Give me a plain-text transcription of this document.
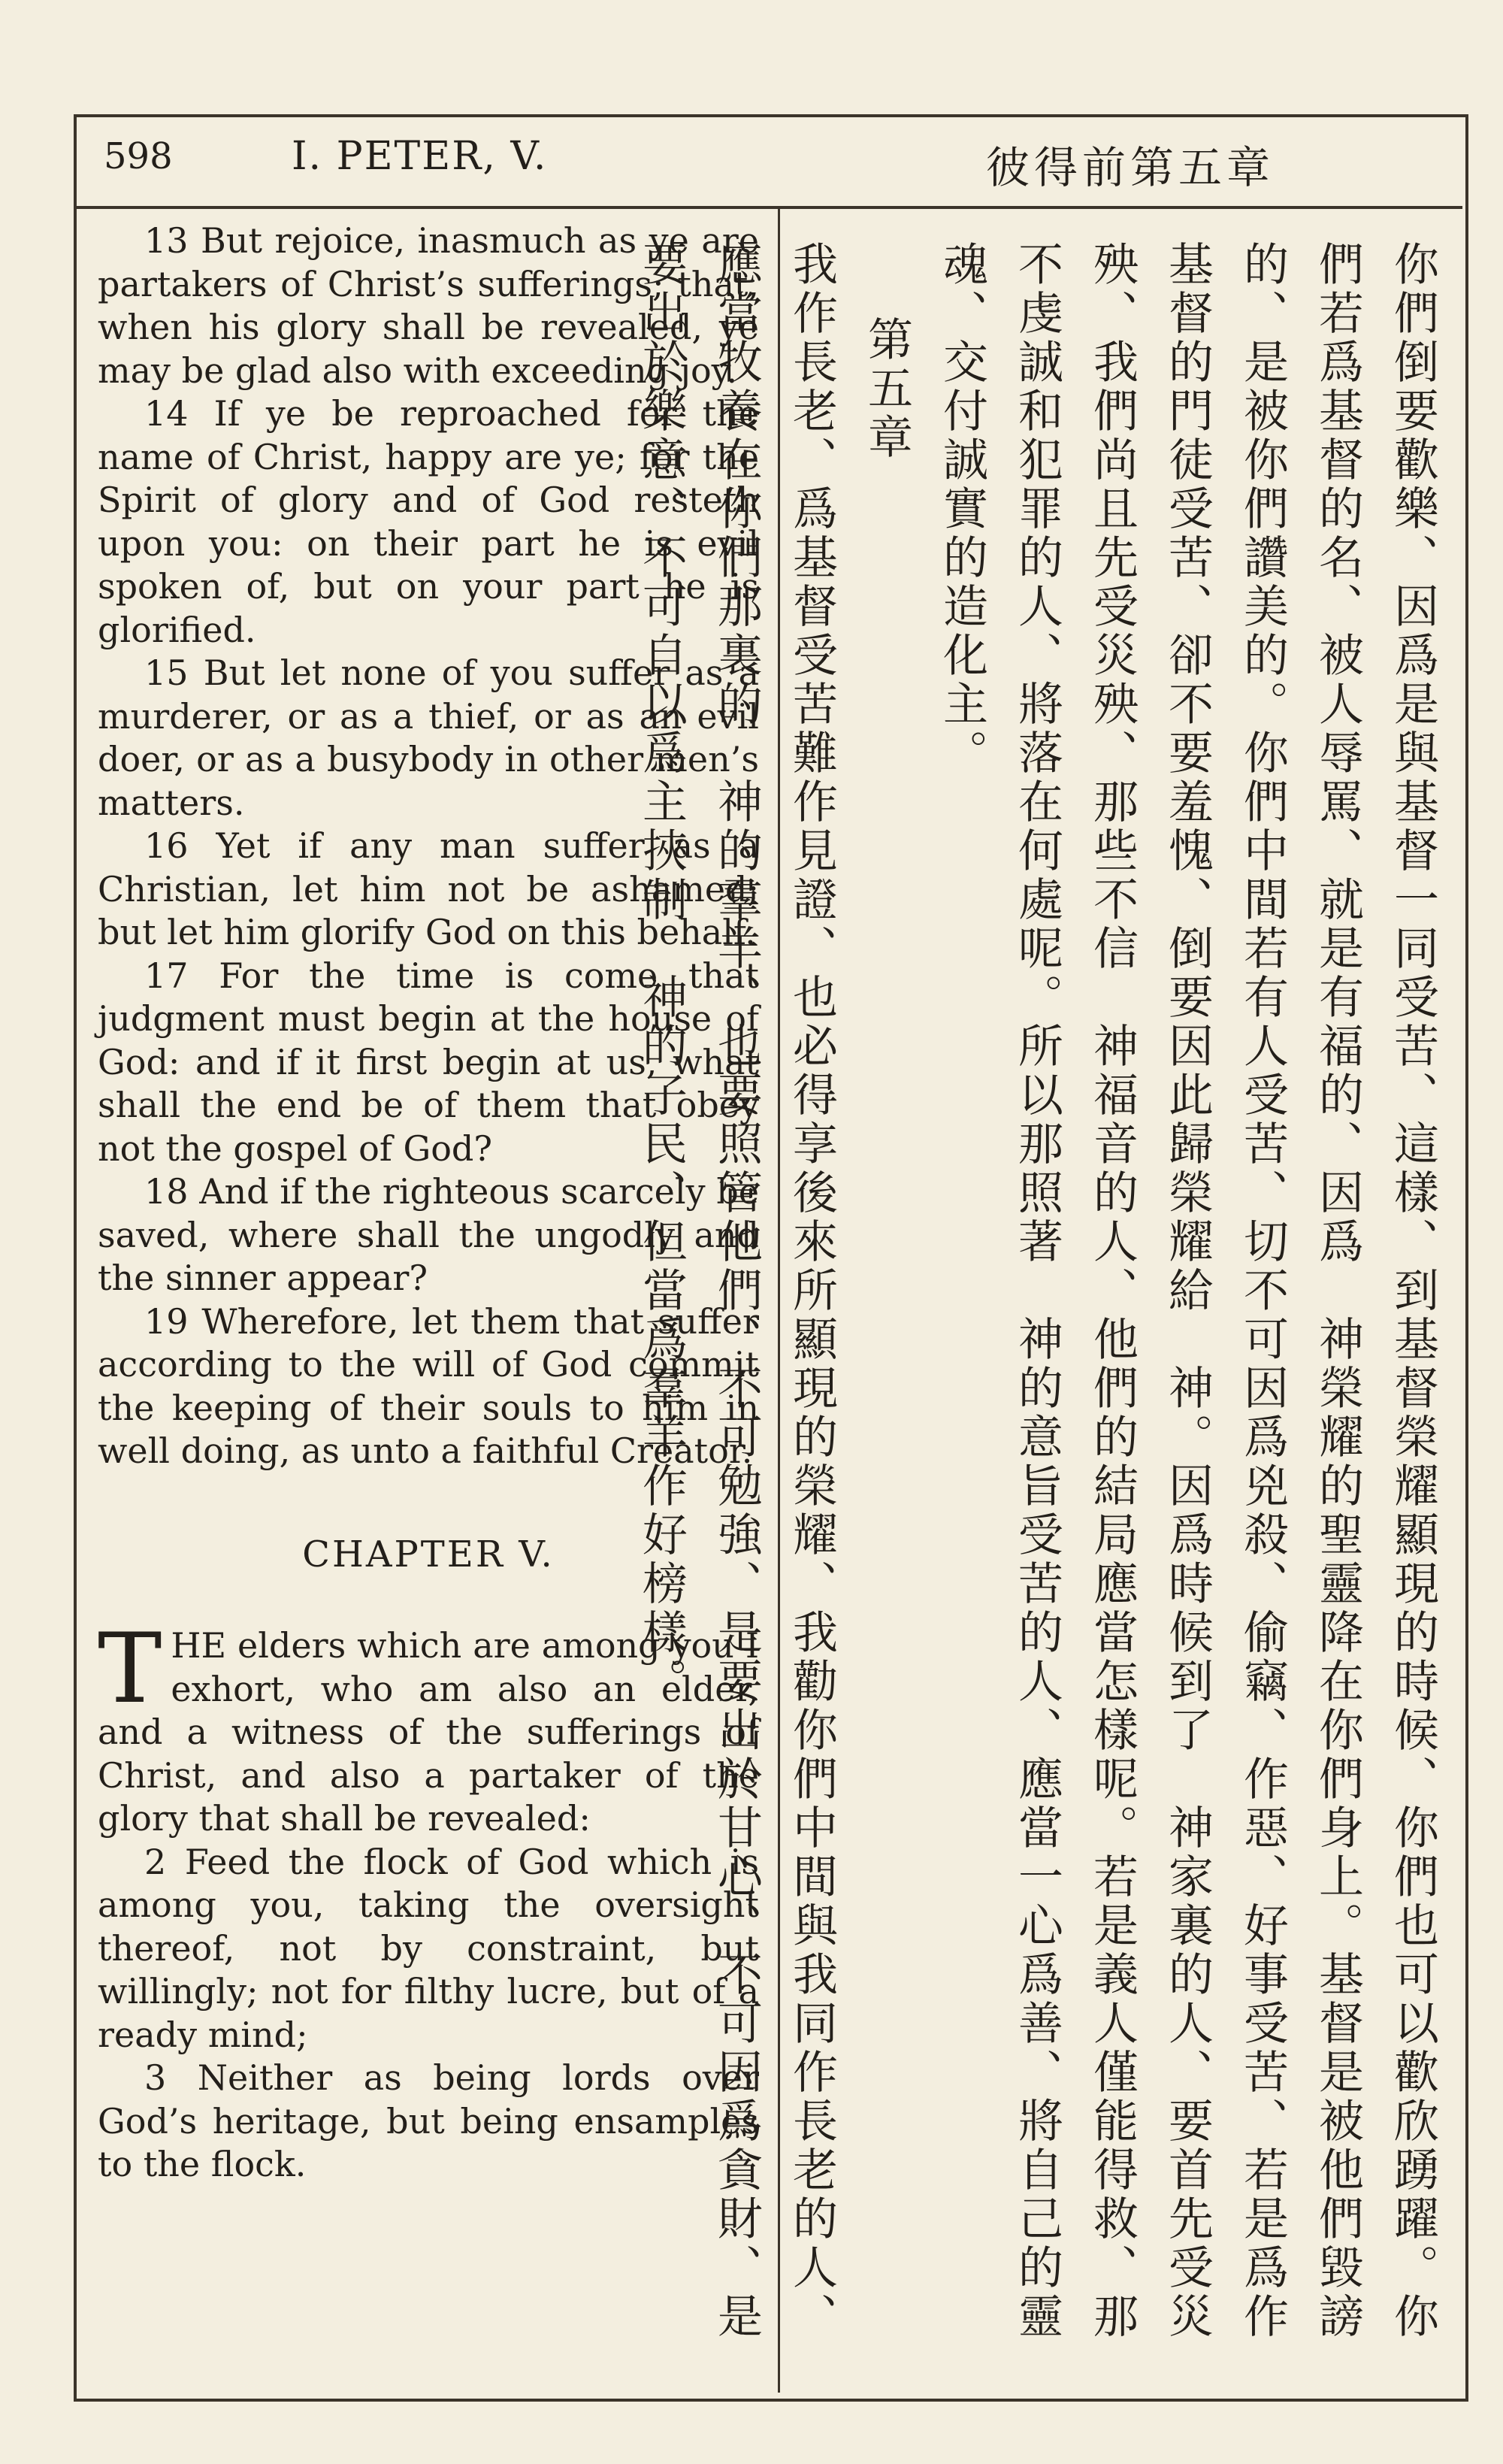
598	I. PETER, V.	彼得前第五章

13 But rejoice, inasmuch as ye are partakers of Christ’s sufferings; that, when his glory shall be revealed, ye may be glad also with exceeding joy.

14 If ye be reproached for the name of Christ, happy are ye; for the Spirit of glory and of God resteth upon you: on their part he is evil spoken of, but on your part he is glorified.

15 But let none of you suffer as a murderer, or as a thief, or as an evil doer, or as a busybody in other men’s matters.

16 Yet if any man suffer as a Christian, let him not be ashamed; but let him glorify God on this behalf.

17 For the time is come that judgment must begin at the house of God: and if it first begin at us, what shall the end be of them that obey not the gospel of God?

18 And if the righteous scarcely be saved, where shall the ungodly and the sinner appear?

19 Wherefore, let them that suffer according to the will of God commit the keeping of their souls to him in well doing, as unto a faithful Creator.

CHAPTER V.

THE elders which are among you I exhort, who am also an elder, and a witness of the sufferings of Christ, and also a partaker of the glory that shall be revealed:

2 Feed the flock of God which is among you, taking the oversight thereof, not by constraint, but willingly; not for filthy lucre, but of a ready mind;

3 Neither as being lords over God’s heritage, but being ensamples to the flock.	你們倒要歡樂、因爲是與基督一同受苦、這樣、到基督榮耀顯現的時候、你們也可以歡欣踴躍。你們若爲基督的名、被人辱罵、就是有福的、因爲　神榮耀的聖靈降在你們身上。基督是被他們毀謗的、是被你們讚美的。你們中間若有人受苦、切不可因爲兇殺、偷竊、作惡、好事受苦、若是爲作基督的門徒受苦、卻不要羞愧、倒要因此歸榮耀給　神。因爲時候到了　神家裏的人、要首先受災殃、我們尚且先受災殃、那些不信　神福音的人、他們的結局應當怎樣呢。若是義人僅能得救、那不虔誠和犯罪的人、將落在何處呢。所以那照著　神的意旨受苦的人、應當一心爲善、將自己的靈魂、交付誠實的造化主。

第五章

我作長老、爲基督受苦難作見證、也必得享後來所顯現的榮耀、我勸你們中間與我同作長老的人、應當牧養在你們那裏的　神的羣羊、也要照管他們、不可勉強、是要出於甘心、不可因爲貪財、是要出於樂意、不可自以爲主挾制　神的子民、但當爲羣羊作好榜樣。
